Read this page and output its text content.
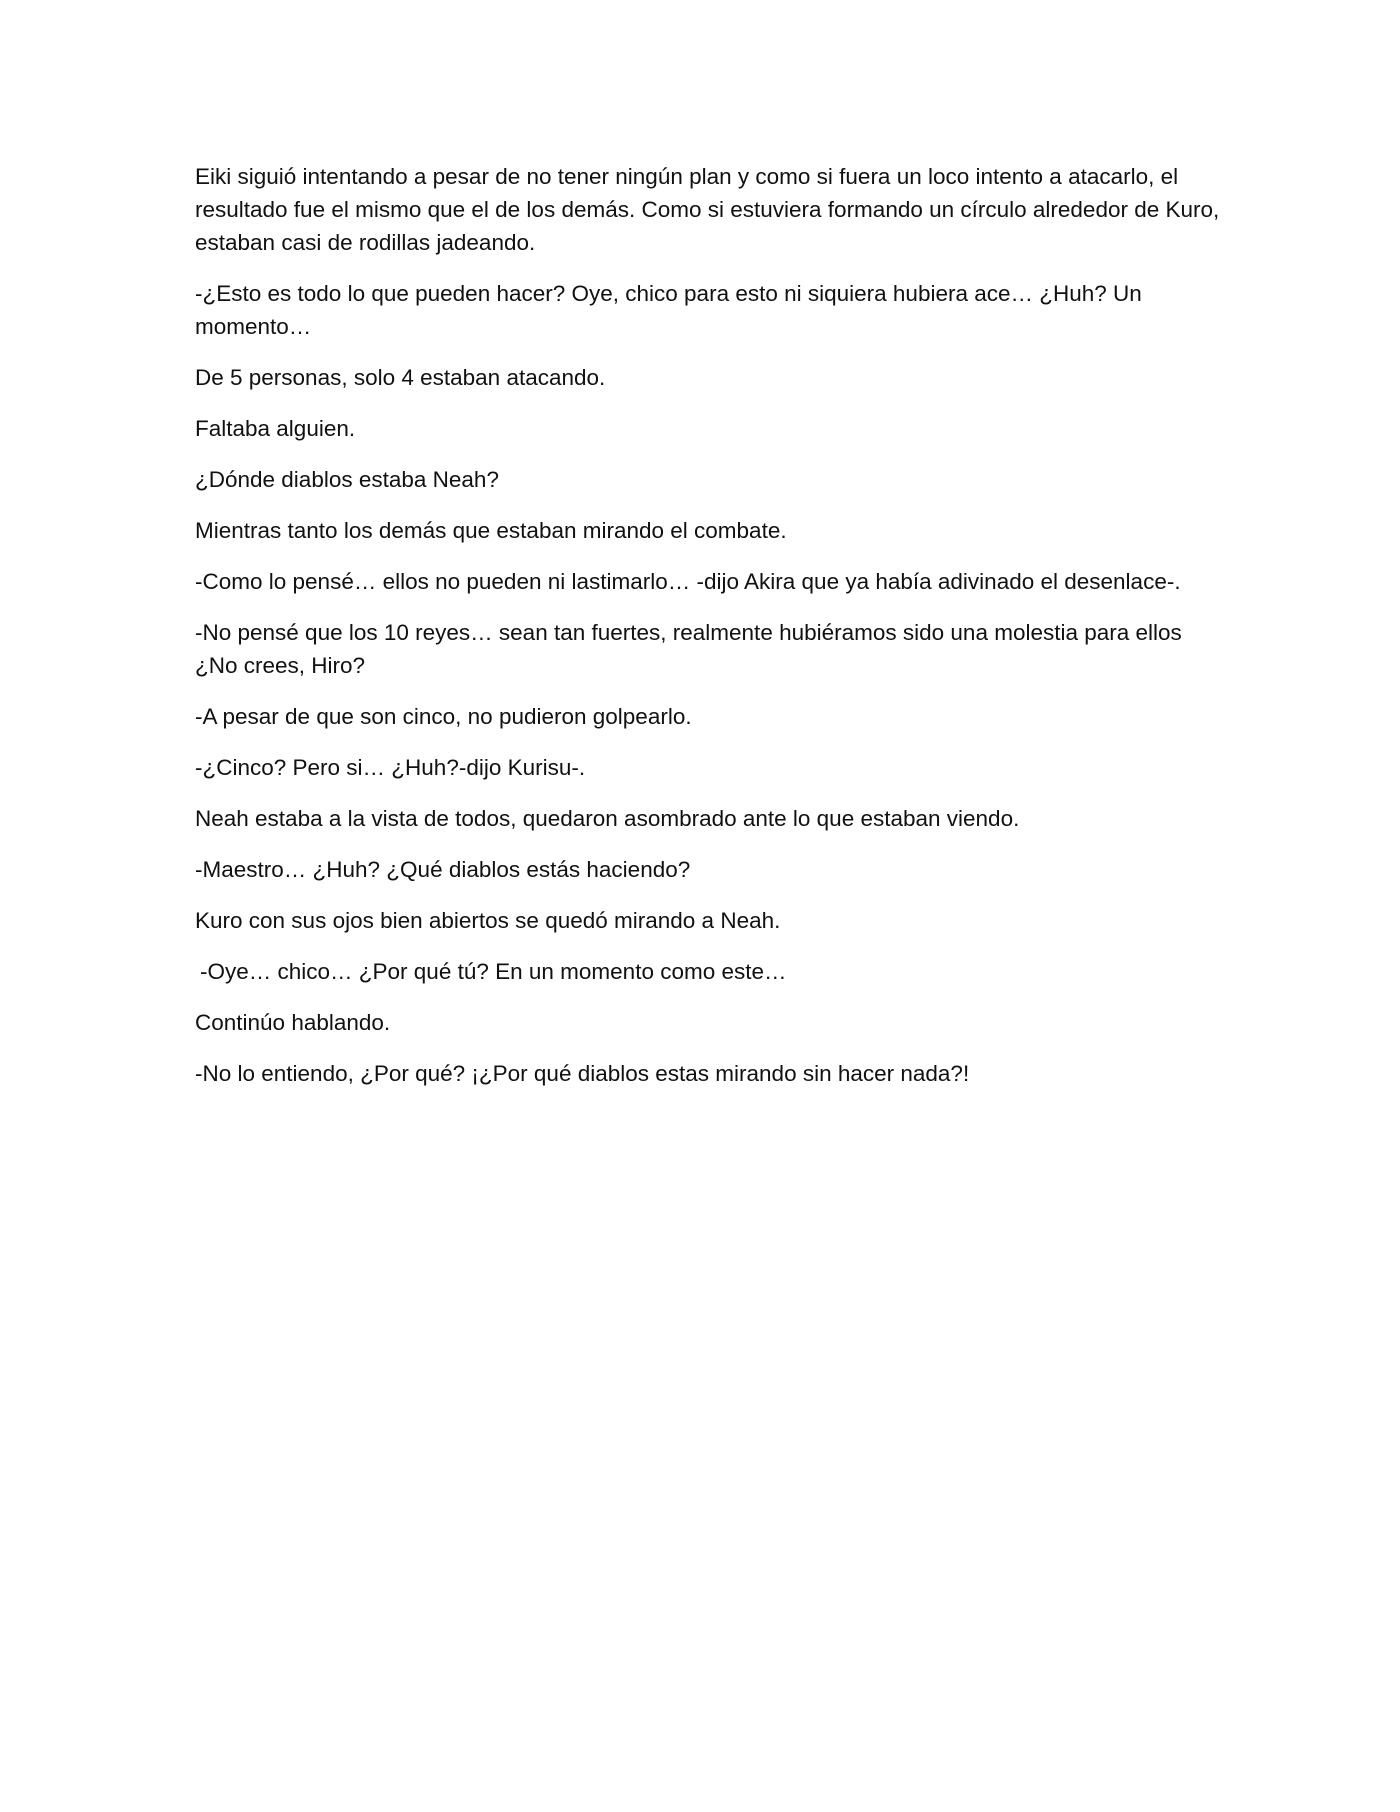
Eiki siguió intentando a pesar de no tener ningún plan y como si fuera un loco intento a atacarlo, el resultado fue el mismo que el de los demás. Como si estuviera formando un círculo alrededor de Kuro, estaban casi de rodillas jadeando.

-¿Esto es todo lo que pueden hacer? Oye, chico para esto ni siquiera hubiera ace… ¿Huh? Un momento…

De 5 personas, solo 4 estaban atacando.

Faltaba alguien.

¿Dónde diablos estaba Neah?

Mientras tanto los demás que estaban mirando el combate.

-Como lo pensé… ellos no pueden ni lastimarlo… -dijo Akira que ya había adivinado el desenlace-.

-No pensé que los 10 reyes… sean tan fuertes, realmente hubiéramos sido una molestia para ellos ¿No crees, Hiro?

-A pesar de que son cinco, no pudieron golpearlo.

-¿Cinco? Pero si… ¿Huh?-dijo Kurisu-.

Neah estaba a la vista de todos, quedaron asombrado ante lo que estaban viendo.

-Maestro… ¿Huh? ¿Qué diablos estás haciendo?

Kuro con sus ojos bien abiertos se quedó mirando a Neah.

-Oye… chico… ¿Por qué tú? En un momento como este…

Continúo hablando.

-No lo entiendo, ¿Por qué? ¡¿Por qué diablos estas mirando sin hacer nada?!
